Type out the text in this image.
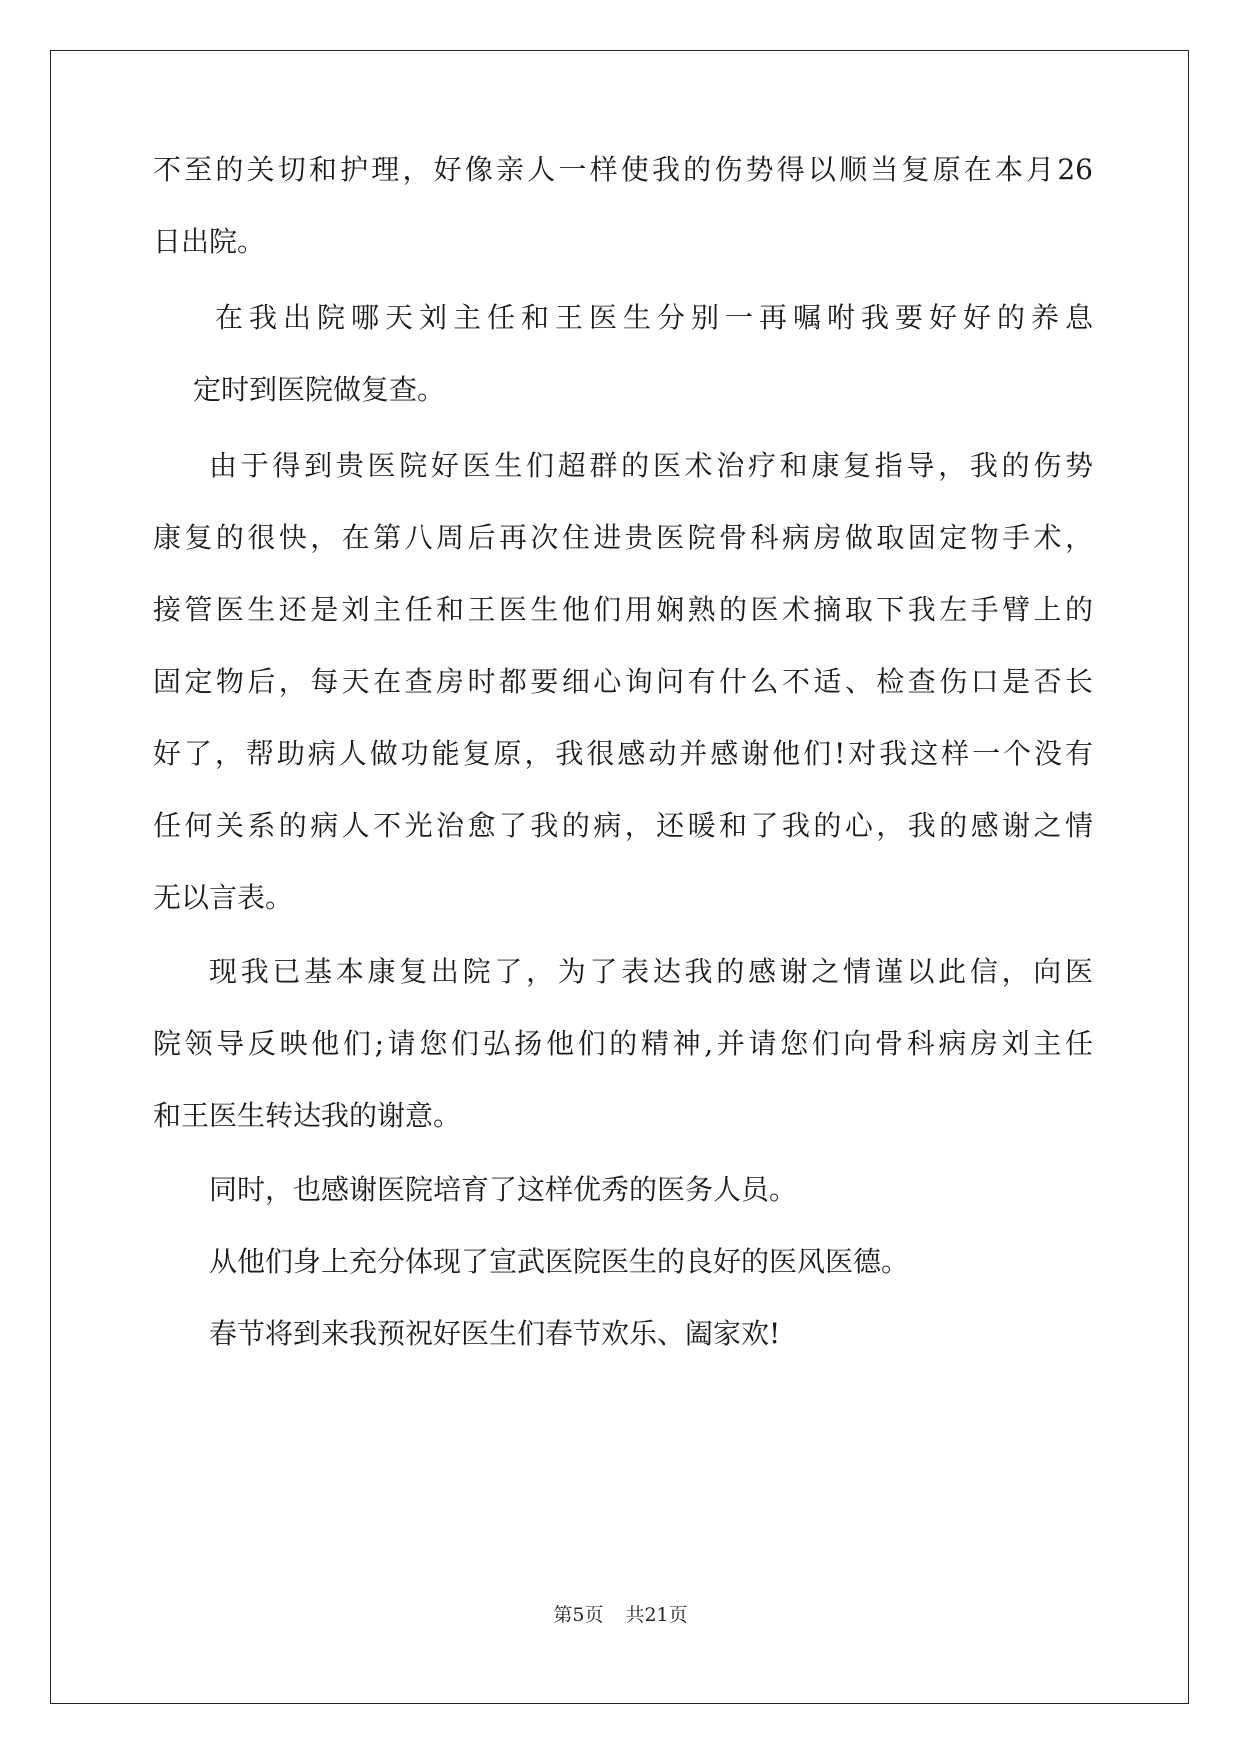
不至的关切和护理，好像亲人一样使我的伤势得以顺当复原在本月26
日出院。
在我出院哪天刘主任和王医生分别一再嘱咐我要好好的养息
定时到医院做复查。
由于得到贵医院好医生们超群的医术治疗和康复指导，我的伤势
康复的很快，在第八周后再次住进贵医院骨科病房做取固定物手术，
接管医生还是刘主任和王医生他们用娴熟的医术摘取下我左手臂上的
固定物后，每天在查房时都要细心询问有什么不适、检查伤口是否长
好了，帮助病人做功能复原，我很感动并感谢他们!对我这样一个没有
任何关系的病人不光治愈了我的病，还暖和了我的心，我的感谢之情
无以言表。
现我已基本康复出院了，为了表达我的感谢之情谨以此信，向医
院领导反映他们;请您们弘扬他们的精神,并请您们向骨科病房刘主任
和王医生转达我的谢意。
同时，也感谢医院培育了这样优秀的医务人员。
从他们身上充分体现了宣武医院医生的良好的医风医德。
春节将到来我预祝好医生们春节欢乐、阖家欢!
第5页 共21页
